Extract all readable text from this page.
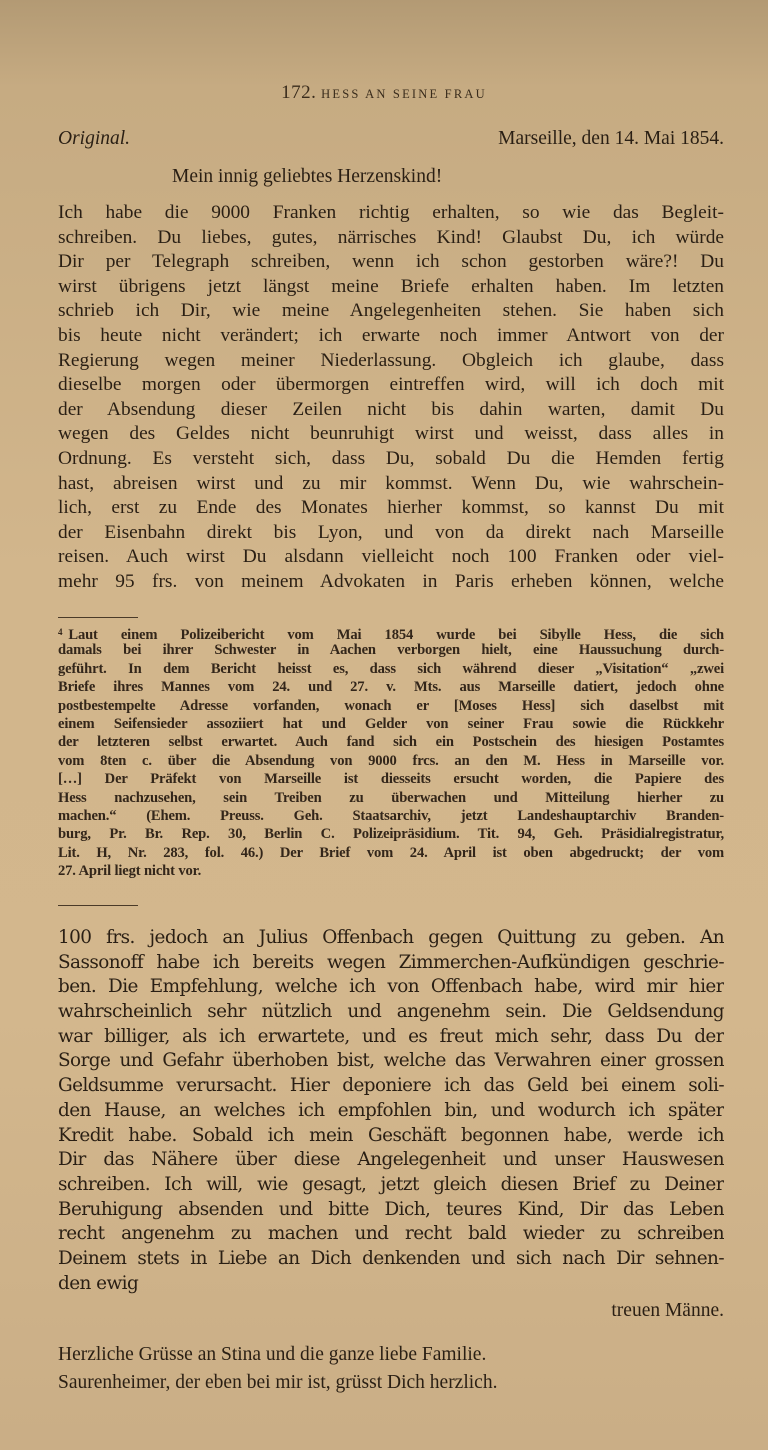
172. HESS AN SEINE FRAU
Original.	Marseille, den 14. Mai 1854.
Mein innig geliebtes Herzenskind!
Ich habe die 9000 Franken richtig erhalten, so wie das Begleit-
schreiben. Du liebes, gutes, närrisches Kind! Glaubst Du, ich würde
Dir per Telegraph schreiben, wenn ich schon gestorben wäre?! Du
wirst übrigens jetzt längst meine Briefe erhalten haben. Im letzten
schrieb ich Dir, wie meine Angelegenheiten stehen. Sie haben sich
bis heute nicht verändert; ich erwarte noch immer Antwort von der
Regierung wegen meiner Niederlassung. Obgleich ich glaube, dass
dieselbe morgen oder übermorgen eintreffen wird, will ich doch mit
der Absendung dieser Zeilen nicht bis dahin warten, damit Du
wegen des Geldes nicht beunruhigt wirst und weisst, dass alles in
Ordnung. Es versteht sich, dass Du, sobald Du die Hemden fertig
hast, abreisen wirst und zu mir kommst. Wenn Du, wie wahrschein-
lich, erst zu Ende des Monates hierher kommst, so kannst Du mit
der Eisenbahn direkt bis Lyon, und von da direkt nach Marseille
reisen. Auch wirst Du alsdann vielleicht noch 100 Franken oder viel-
mehr 95 frs. von meinem Advokaten in Paris erheben können, welche
$^4$ Laut einem Polizeibericht vom Mai 1854 wurde bei Sibylle Hess, die sich
damals bei ihrer Schwester in Aachen verborgen hielt, eine Haussuchung durch-
geführt. In dem Bericht heisst es, dass sich während dieser „Visitation“ „zwei
Briefe ihres Mannes vom 24. und 27. v. Mts. aus Marseille datiert, jedoch ohne
postbestempelte Adresse vorfanden, wonach er [Moses Hess] sich daselbst mit
einem Seifensieder assoziiert hat und Gelder von seiner Frau sowie die Rückkehr
der letzteren selbst erwartet. Auch fand sich ein Postschein des hiesigen Postamtes
vom 8ten c. über die Absendung von 9000 frcs. an den M. Hess in Marseille vor.
[…] Der Präfekt von Marseille ist diesseits ersucht worden, die Papiere des
Hess nachzusehen, sein Treiben zu überwachen und Mitteilung hierher zu
machen.“ (Ehem. Preuss. Geh. Staatsarchiv, jetzt Landeshauptarchiv Branden-
burg, Pr. Br. Rep. 30, Berlin C. Polizeipräsidium. Tit. 94, Geh. Präsidialregistratur,
Lit. H, Nr. 283, fol. 46.) Der Brief vom 24. April ist oben abgedruckt; der vom
27. April liegt nicht vor.
100 frs. jedoch an Julius Offenbach gegen Quittung zu geben. An
Sassonoff habe ich bereits wegen Zimmerchen-Aufkündigen geschrie-
ben. Die Empfehlung, welche ich von Offenbach habe, wird mir hier
wahrscheinlich sehr nützlich und angenehm sein. Die Geldsendung
war billiger, als ich erwartete, und es freut mich sehr, dass Du der
Sorge und Gefahr überhoben bist, welche das Verwahren einer grossen
Geldsumme verursacht. Hier deponiere ich das Geld bei einem soli-
den Hause, an welches ich empfohlen bin, und wodurch ich später
Kredit habe. Sobald ich mein Geschäft begonnen habe, werde ich
Dir das Nähere über diese Angelegenheit und unser Hauswesen
schreiben. Ich will, wie gesagt, jetzt gleich diesen Brief zu Deiner
Beruhigung absenden und bitte Dich, teures Kind, Dir das Leben
recht angenehm zu machen und recht bald wieder zu schreiben
Deinem stets in Liebe an Dich denkenden und sich nach Dir sehnen-
den ewig
treuen Männe.
Herzliche Grüsse an Stina und die ganze liebe Familie.
Saurenheimer, der eben bei mir ist, grüsst Dich herzlich.
